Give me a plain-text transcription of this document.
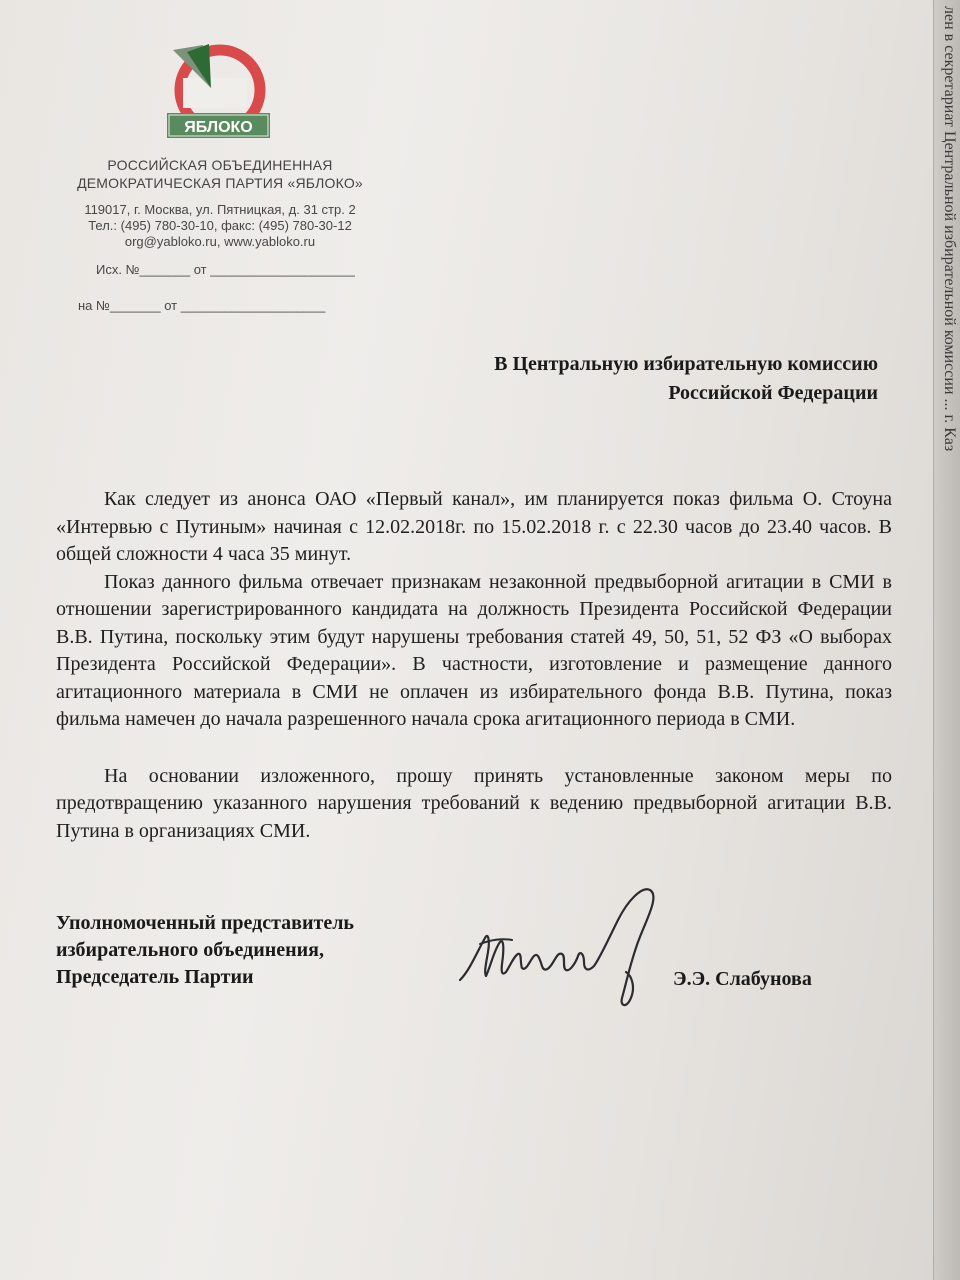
лен в секретариат Центральной избирательной комиссии ... г. Каз
ЯБЛОКО
РОССИЙСКАЯ ОБЪЕДИНЕННАЯ
ДЕМОКРАТИЧЕСКАЯ ПАРТИЯ «ЯБЛОКО»
119017, г. Москва, ул. Пятницкая, д. 31 стр. 2
Тел.: (495) 780-30-10, факс: (495) 780-30-12
org@yabloko.ru, www.yabloko.ru
Исх. №_______ от ____________________
на №_______ от ____________________
В Центральную избирательную комиссию
Российской Федерации

Как следует из анонса ОАО «Первый канал», им планируется показ фильма О. Стоуна «Интервью с Путиным» начиная с 12.02.2018г. по 15.02.2018 г. с 22.30 часов до 23.40 часов. В общей сложности 4 часа 35 минут.

Показ данного фильма отвечает признакам незаконной предвыборной агитации в СМИ в отношении зарегистрированного кандидата на должность Президента Российской Федерации В.В. Путина, поскольку этим будут нарушены требования статей 49, 50, 51, 52 ФЗ «О выборах Президента Российской Федерации». В частности, изготовление и размещение данного агитационного материала в СМИ не оплачен из избирательного фонда В.В. Путина, показ фильма намечен до начала разрешенного начала срока агитационного периода в СМИ.

На основании изложенного, прошу принять установленные законом меры по предотвращению указанного нарушения требований к ведению предвыборной агитации В.В. Путина в организациях СМИ.

Уполномоченный представитель
избирательного объединения,
Председатель Партии	Э.Э. Слабунова
